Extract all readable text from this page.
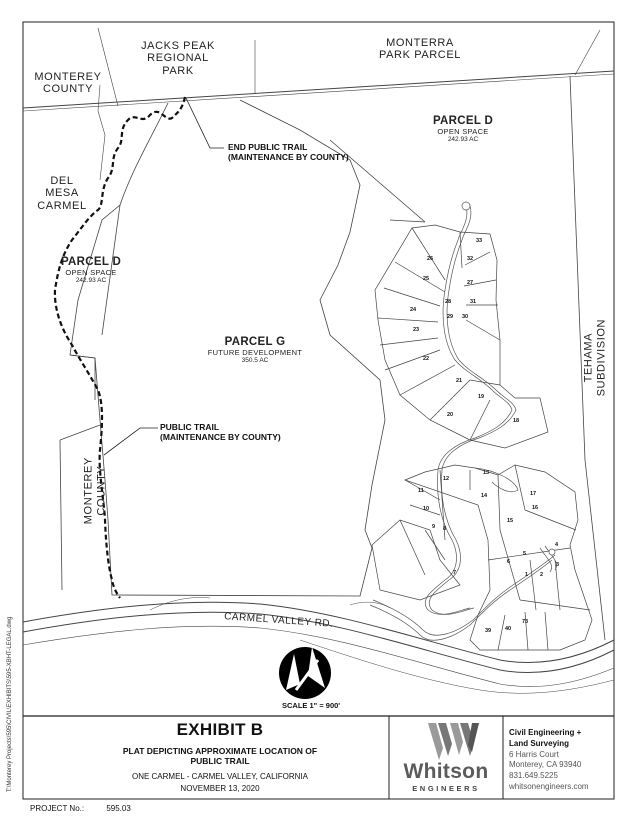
JACKS PEAK
REGIONAL
PARK
MONTERRA
PARK PARCEL
MONTEREY
COUNTY
DEL
MESA
CARMEL
PARCEL D
OPEN SPACE
242.93 AC
PARCEL D
OPEN SPACE
242.93 AC
PARCEL G
FUTURE DEVELOPMENT
350.5 AC
END PUBLIC TRAIL
(MAINTENANCE BY COUNTY)
PUBLIC TRAIL
(MAINTENANCE BY COUNTY)
MONTEREY COUNTY
TEHAMA SUBDIVISION
CARMEL VALLEY RD.
1 2
3
4
5
6
7
8
9
10
11
12
13
14
15
16
17
18
19
20
21
22
23
24
25
26
27
28
29 30
31
32
33
39	40
73
SCALE 1" = 900'
EXHIBIT B
PLAT DEPICTING APPROXIMATE LOCATION OF
PUBLIC TRAIL
ONE CARMEL - CARMEL VALLEY, CALIFORNIA
NOVEMBER 13, 2020
Whitson
ENGINEERS
Civil Engineering +
Land Surveying
6 Harris Court
Monterey, CA 93940
831.649.5225
whitsonengineers.com
T:\Monterey Projects\595\CIVIL\EXHIBITS\595-XBHT-LEGAL.dwg
PROJECT No.:	595.03
